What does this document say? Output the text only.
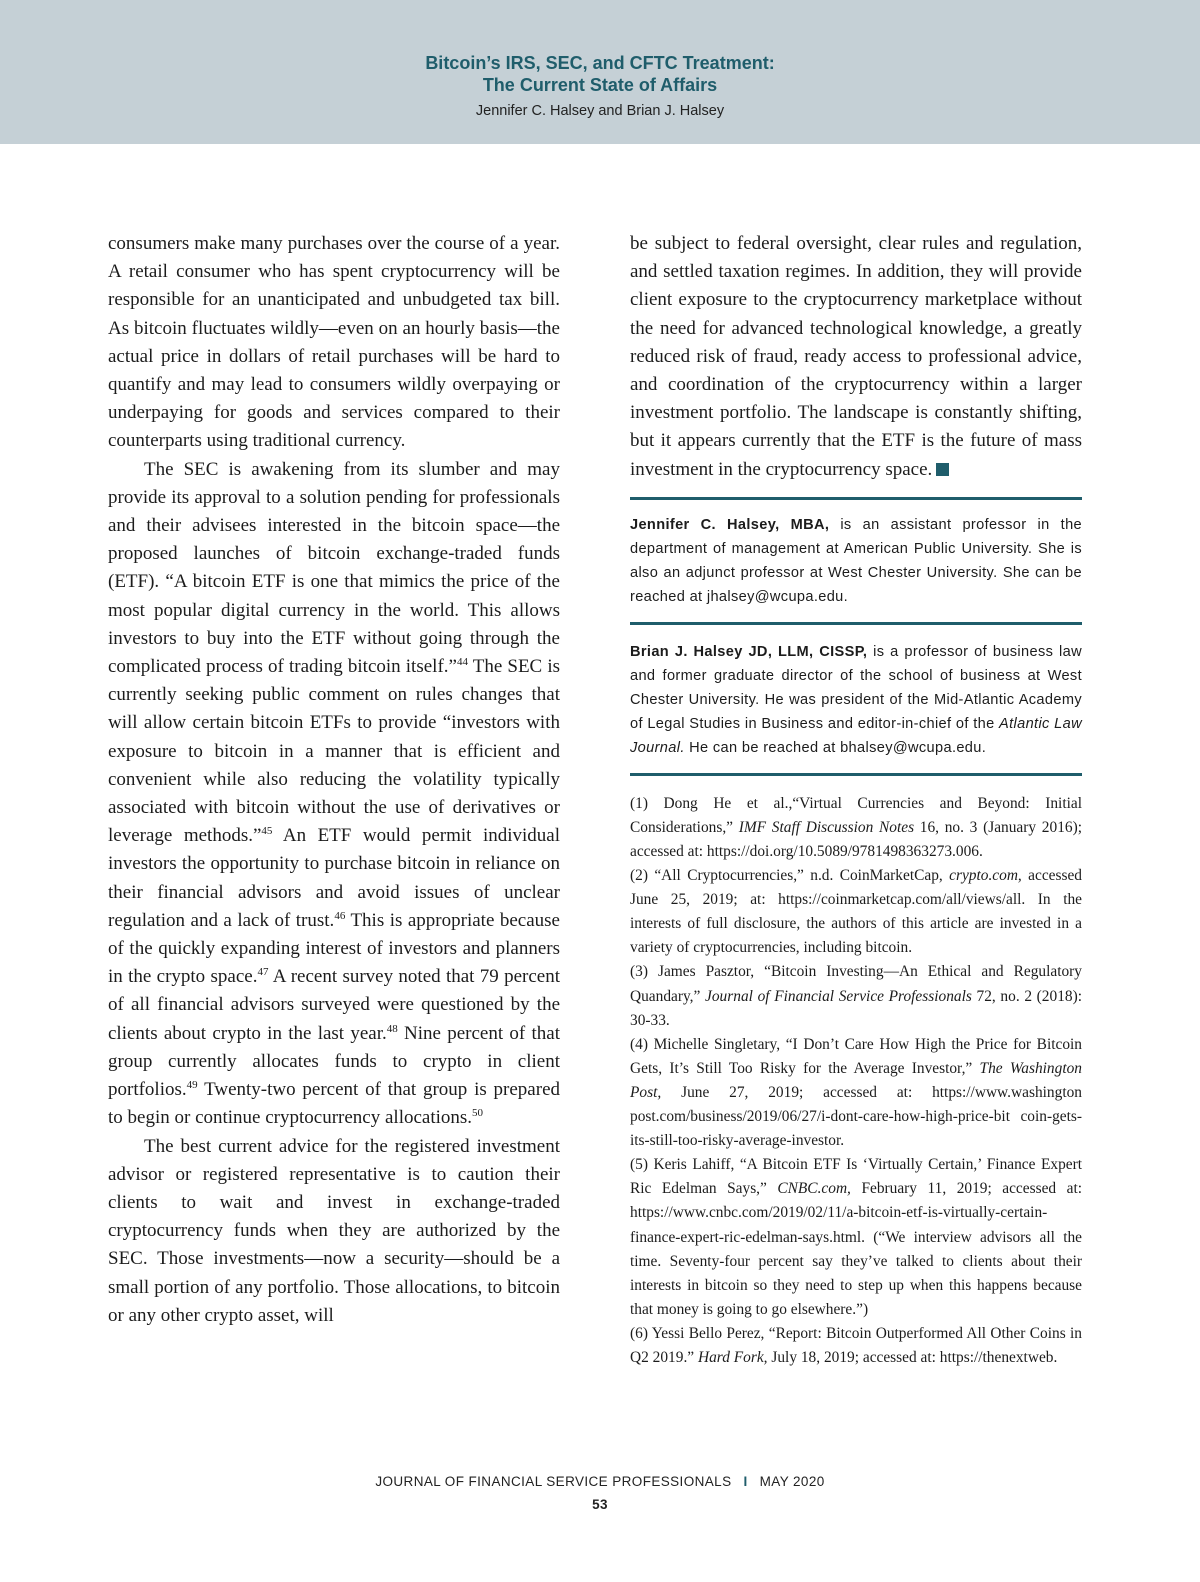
Bitcoin’s IRS, SEC, and CFTC Treatment:
The Current State of Affairs
Jennifer C. Halsey and Brian J. Halsey

consumers make many purchases over the course of a year. A retail consumer who has spent cryptocurrency will be responsible for an unanticipated and unbudgeted tax bill. As bitcoin fluctuates wildly—even on an hourly basis—the actual price in dollars of retail purchases will be hard to quantify and may lead to consumers wildly overpaying or underpaying for goods and services compared to their counterparts using traditional currency.

The SEC is awakening from its slumber and may provide its approval to a solution pending for professionals and their advisees interested in the bitcoin space—the proposed launches of bitcoin exchange-traded funds (ETF). “A bitcoin ETF is one that mimics the price of the most popular digital currency in the world. This allows investors to buy into the ETF without going through the complicated process of trading bitcoin itself.”$^{44}$ The SEC is currently seeking public comment on rules changes that will allow certain bitcoin ETFs to provide “investors with exposure to bitcoin in a manner that is efficient and convenient while also reducing the volatility typically associated with bitcoin without the use of derivatives or leverage methods.”$^{45}$ An ETF would permit individual investors the opportunity to purchase bitcoin in reliance on their financial advisors and avoid issues of unclear regulation and a lack of trust.$^{46}$ This is appropriate because of the quickly expanding interest of investors and planners in the crypto space.$^{47}$ A recent survey noted that 79 percent of all financial advisors surveyed were questioned by the clients about crypto in the last year.$^{48}$ Nine percent of that group currently allocates funds to crypto in client portfolios.$^{49}$ Twenty-two percent of that group is prepared to begin or continue cryptocurrency allocations.$^{50}$

The best current advice for the registered investment advisor or registered representative is to caution their clients to wait and invest in exchange-traded cryptocurrency funds when they are authorized by the SEC. Those investments—now a security—should be a small portion of any portfolio. Those allocations, to bitcoin or any other crypto asset, will

be subject to federal oversight, clear rules and regulation, and settled taxation regimes. In addition, they will provide client exposure to the cryptocurrency marketplace without the need for advanced technological knowledge, a greatly reduced risk of fraud, ready access to professional advice, and coordination of the cryptocurrency within a larger investment portfolio. The landscape is constantly shifting, but it appears currently that the ETF is the future of mass investment in the cryptocurrency space.

Jennifer C. Halsey, MBA, is an assistant professor in the department of management at American Public University. She is also an adjunct professor at West Chester University. She can be reached at jhalsey@wcupa.edu.
Brian J. Halsey JD, LLM, CISSP, is a professor of business law and former graduate director of the school of business at West Chester University. He was president of the Mid-Atlantic Academy of Legal Studies in Business and editor-in-chief of the Atlantic Law Journal. He can be reached at bhalsey@wcupa.edu.

(1) Dong He et al.,“Virtual Currencies and Beyond: Initial Considerations,” IMF Staff Discussion Notes 16, no. 3 (January 2016); accessed at: https://doi.org/10.5089/9781498363273.006.

(2) “All Cryptocurrencies,” n.d. CoinMarketCap, crypto.com, accessed June 25, 2019; at: https://coinmarketcap.com/all/views/all. In the interests of full disclosure, the authors of this article are invested in a variety of cryptocurrencies, including bitcoin.

(3) James Pasztor, “Bitcoin Investing—An Ethical and Regulatory Quandary,” Journal of Financial Service Professionals 72, no. 2 (2018): 30-33.

(4) Michelle Singletary, “I Don’t Care How High the Price for Bitcoin Gets, It’s Still Too Risky for the Average Investor,” The Washington Post, June 27, 2019; accessed at: https://www.washington post.com/business/2019/06/27/i-dont-care-how-high-price-bit coin-gets-its-still-too-risky-average-investor.

(5) Keris Lahiff, “A Bitcoin ETF Is ‘Virtually Certain,’ Finance Expert Ric Edelman Says,” CNBC.com, February 11, 2019; accessed at: https://www.cnbc.com/2019/02/11/a-bitcoin-etf-is-virtually-certain-finance-expert-ric-edelman-says.html. (“We interview advisors all the time. Seventy-four percent say they’ve talked to clients about their interests in bitcoin so they need to step up when this happens because that money is going to go elsewhere.”)

(6) Yessi Bello Perez, “Report: Bitcoin Outperformed All Other Coins in Q2 2019.” Hard Fork, July 18, 2019; accessed at: https://thenextweb.

JOURNAL OF FINANCIAL SERVICE PROFESSIONALS I MAY 2020
53
